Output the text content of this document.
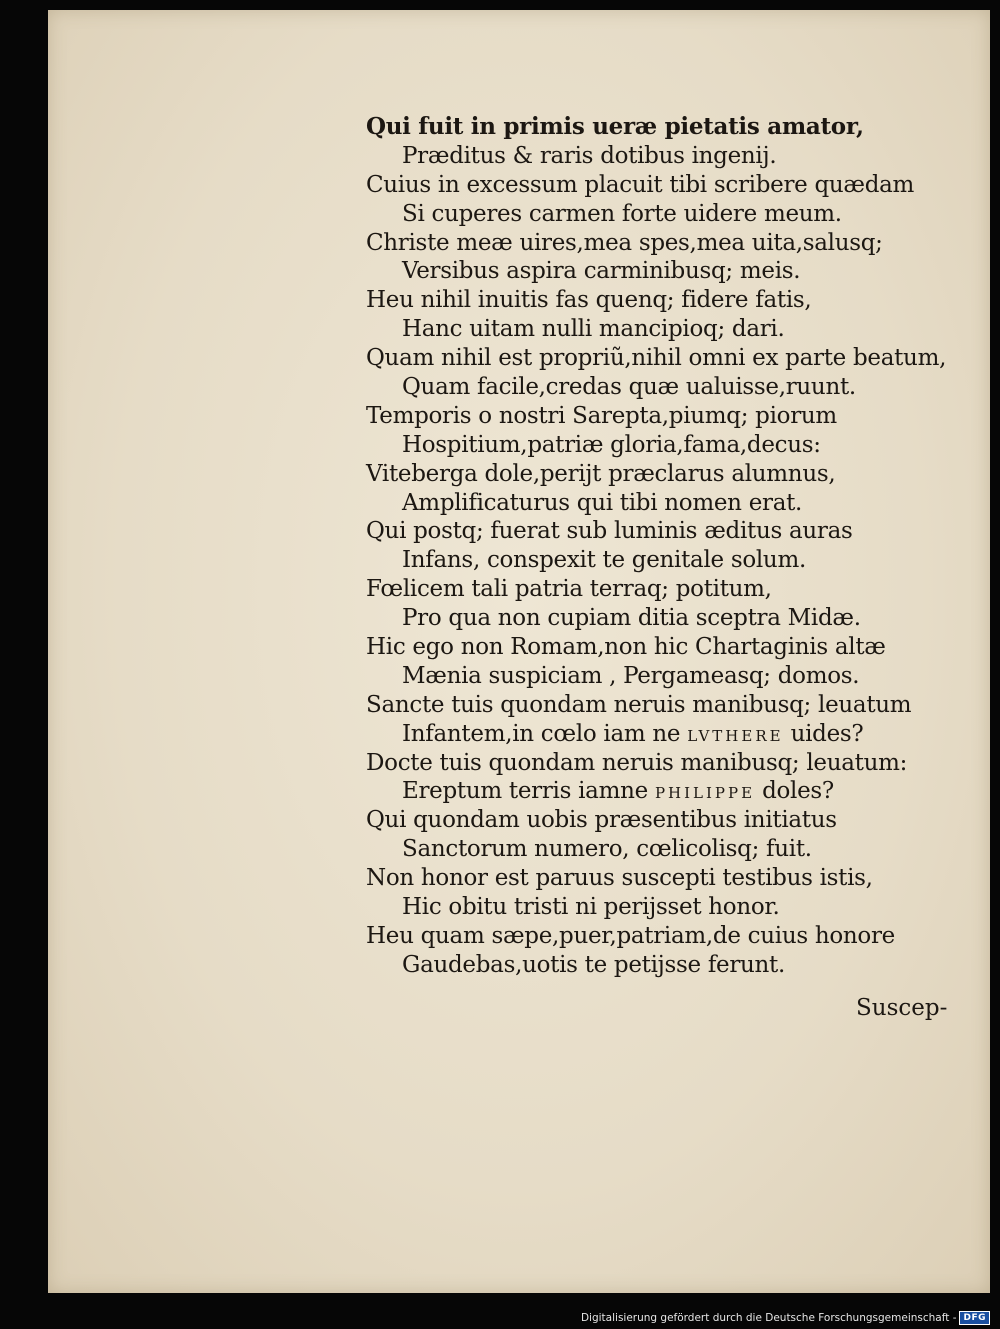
Qui fuit in primis ueræ pietatis amator,
Præditus & raris dotibus ingenij.
Cuius in excessum placuit tibi scribere quædam
Si cuperes carmen forte uidere meum.
Christe meæ uires,mea spes,mea uita,salusq;
Versibus aspira carminibusq; meis.
Heu nihil inuitis fas quenq; fidere fatis,
Hanc uitam nulli mancipioq; dari.
Quam nihil est propriũ,nihil omni ex parte beatum,
Quam facile,credas quæ ualuisse,ruunt.
Temporis o nostri Sarepta,piumq; piorum
Hospitium,patriæ gloria,fama,decus:
Viteberga dole,perijt præclarus alumnus,
Amplificaturus qui tibi nomen erat.
Qui postq; fuerat sub luminis æditus auras
Infans, conspexit te genitale solum.
Fœlicem tali patria terraq; potitum,
Pro qua non cupiam ditia sceptra Midæ.
Hic ego non Romam,non hic Chartaginis altæ
Mænia suspiciam , Pergameasq; domos.
Sancte tuis quondam neruis manibusq; leuatum
Infantem,in cœlo iam ne LVTHERE uides?
Docte tuis quondam neruis manibusq; leuatum:
Ereptum terris iamne PHILIPPE doles?
Qui quondam uobis præsentibus initiatus
Sanctorum numero, cœlicolisq; fuit.
Non honor est paruus suscepti testibus istis,
Hic obitu tristi ni perijsset honor.
Heu quam sæpe,puer,patriam,de cuius honore
Gaudebas,uotis te petijsse ferunt.
Suscep-
Digitalisierung gefördert durch die Deutsche Forschungsgemeinschaft - DFG
